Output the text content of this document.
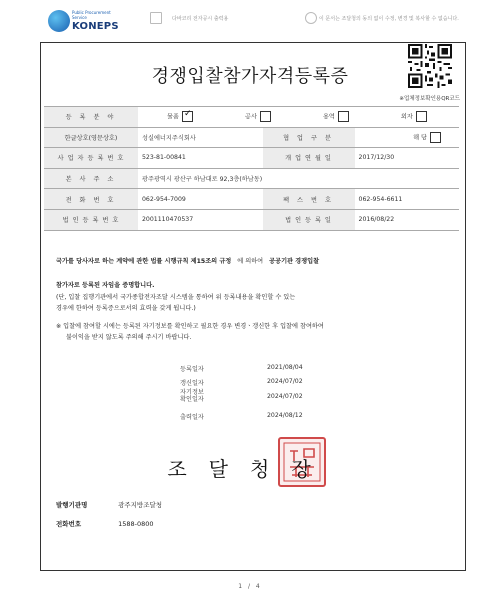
Public Procurement Service
KONEPS
다바코리 전자공시 출력용	이 문서는 조달청의 동의 없이 수정, 변경 및 복사할 수 없습니다.
경쟁입찰참가자격등록증
※업체정보확인용QR코드
등 록 분 야	물품 ✓ 공사 용역 외자
한글상호(영문상호)	성실에너지주식회사	협 업 구 분	해 당
사 업 자 등 록 번 호	523-81-00841	개 업 연 월 일	2017/12/30
본 사 주 소	광주광역시 광산구 하남대로 92,3층(하남동)		
전 화 번 호	062-954-7009	팩 스 번 호	062-954-6611
법 인 등 록 번 호	2001110470537	법 인 등 록 일	2016/08/22
국가를 당사자로 하는 계약에 관한 법률 시행규칙 제15조의 규정 에 의하여 공공기관 경쟁입찰
참가자로 등록된 자임을 증명합니다.
(단, 입찰 집행기관에서 국가종합전자조달 시스템을 통하여 위 등록내용을 확인할 수 있는
경우에 한하여 등록증으로서의 효력을 갖게 됩니다.)
※ 입찰에 참여할 시에는 등록된 자기정보를 확인하고 필요한 경우 변경ㆍ갱신한 후 입찰에 참여하여
불이익을 받지 않도록 주의해 주시기 바랍니다.
등록일자	2021/08/04
갱신일자	2024/07/02
자기정보
확인일자	2024/07/02
출력일자	2024/08/12
조달청장
발행기관명	광주지방조달청
전화번호	1588-0800
1 / 4
